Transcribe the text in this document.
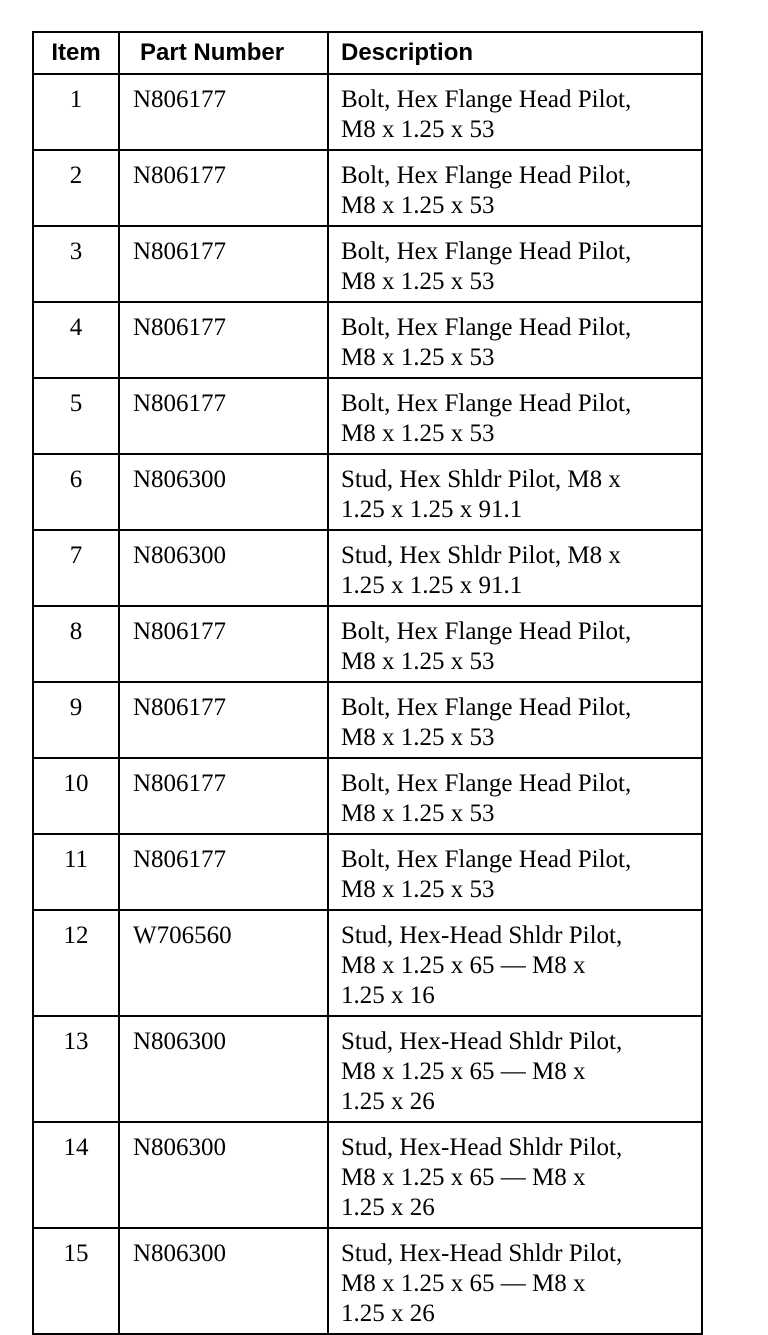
Item	Part Number	Description
1	N806177	Bolt, Hex Flange Head Pilot,
M8 x 1.25 x 53

2	N806177	Bolt, Hex Flange Head Pilot,
M8 x 1.25 x 53

3	N806177	Bolt, Hex Flange Head Pilot,
M8 x 1.25 x 53

4	N806177	Bolt, Hex Flange Head Pilot,
M8 x 1.25 x 53

5	N806177	Bolt, Hex Flange Head Pilot,
M8 x 1.25 x 53

6	N806300	Stud, Hex Shldr Pilot, M8 x
1.25 x 1.25 x 91.1

7	N806300	Stud, Hex Shldr Pilot, M8 x
1.25 x 1.25 x 91.1

8	N806177	Bolt, Hex Flange Head Pilot,
M8 x 1.25 x 53

9	N806177	Bolt, Hex Flange Head Pilot,
M8 x 1.25 x 53

10	N806177	Bolt, Hex Flange Head Pilot,
M8 x 1.25 x 53

11	N806177	Bolt, Hex Flange Head Pilot,
M8 x 1.25 x 53

12	W706560	Stud, Hex-Head Shldr Pilot,
M8 x 1.25 x 65 — M8 x
1.25 x 16

13	N806300	Stud, Hex-Head Shldr Pilot,
M8 x 1.25 x 65 — M8 x
1.25 x 26

14	N806300	Stud, Hex-Head Shldr Pilot,
M8 x 1.25 x 65 — M8 x
1.25 x 26

15	N806300	Stud, Hex-Head Shldr Pilot,
M8 x 1.25 x 65 — M8 x
1.25 x 26
